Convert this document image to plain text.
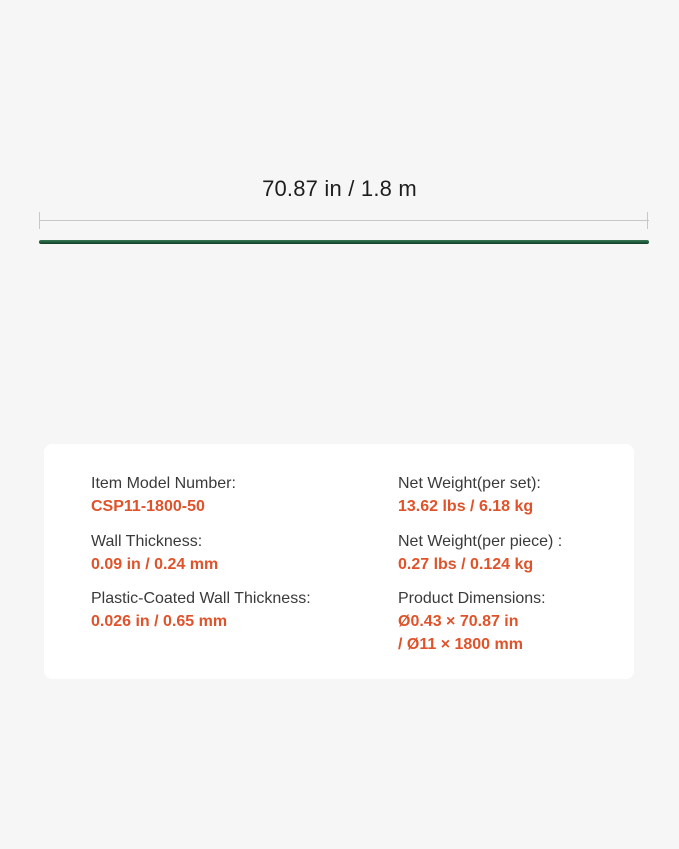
70.87 in / 1.8 m
Item Model Number:
CSP11-1800-50
Wall Thickness:
0.09 in / 0.24 mm
Plastic-Coated Wall Thickness:
0.026 in / 0.65 mm
Net Weight(per set):
13.62 lbs / 6.18 kg
Net Weight(per piece) :
0.27 lbs / 0.124 kg
Product Dimensions:
Ø0.43 × 70.87 in
/ Ø11 × 1800 mm
